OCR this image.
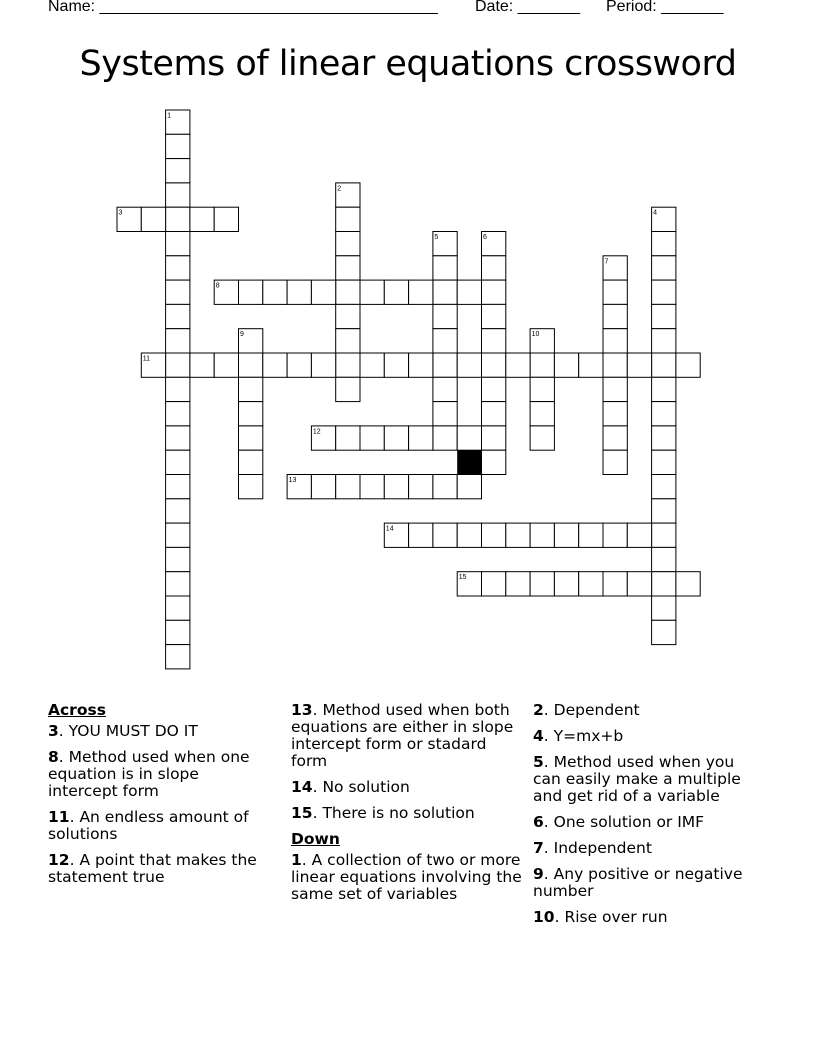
Name: ______________________________________ Date: _______ Period: _______
Systems of linear equations crossword
1
2
3	4
5	6
7
8
9	10
11
12
13
14
15
Across
3. YOU MUST DO IT
8. Method used when one equation is in slope intercept form
11. An endless amount of solutions
12. A point that makes the statement true
13. Method used when both equations are either in slope intercept form or stadard form
14. No solution
15. There is no solution
Down
1. A collection of two or more linear equations involving the same set of variables
2. Dependent
4. Y=mx+b
5. Method used when you can easily make a multiple and get rid of a variable
6. One solution or IMF
7. Independent
9. Any positive or negative number
10. Rise over run
